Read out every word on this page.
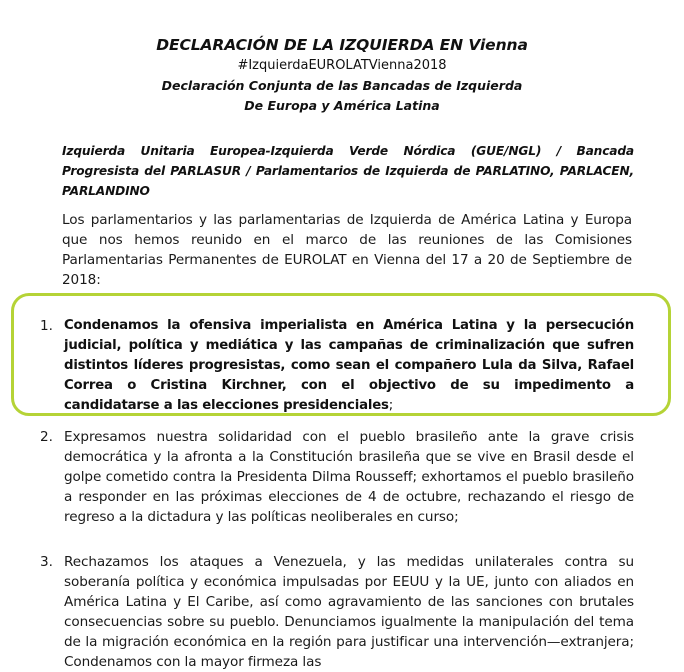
DECLARACIÓN DE LA IZQUIERDA EN Vienna

#IzquierdaEUROLATVienna2018

Declaración Conjunta de las Bancadas de Izquierda

De Europa y América Latina

Izquierda Unitaria Europea-Izquierda Verde Nórdica (GUE/NGL) / Bancada Progresista del PARLASUR / Parlamentarios de Izquierda de PARLATINO, PARLACEN, PARLANDINO
Los parlamentarios y las parlamentarias de Izquierda de América Latina y Europa que nos hemos reunido en el marco de las reuniones de las Comisiones Parlamentarias Permanentes de EUROLAT en Vienna del 17 a 20 de Septiembre de 2018:
1. Condenamos la ofensiva imperialista en América Latina y la persecución judicial, política y mediática y las campañas de criminalización que sufren distintos líderes progresistas, como sean el compañero Lula da Silva, Rafael Correa o Cristina Kirchner, con el objectivo de su impedimento a candidatarse a las elecciones presidenciales;
2. Expresamos nuestra solidaridad con el pueblo brasileño ante la grave crisis democrática y la afronta a la Constitución brasileña que se vive en Brasil desde el golpe cometido contra la Presidenta Dilma Rousseff; exhortamos el pueblo brasileño a responder en las próximas elecciones de 4 de octubre, rechazando el riesgo de regreso a la dictadura y las políticas neoliberales en curso;
3. Rechazamos los ataques a Venezuela, y las medidas unilaterales contra su soberanía política y económica impulsadas por EEUU y la UE, junto con aliados en América Latina y El Caribe, así como agravamiento de las sanciones con brutales consecuencias sobre su pueblo. Denunciamos igualmente la manipulación del tema de la migración económica en la región para justificar una intervención—extranjera; Condenamos con la mayor firmeza las
